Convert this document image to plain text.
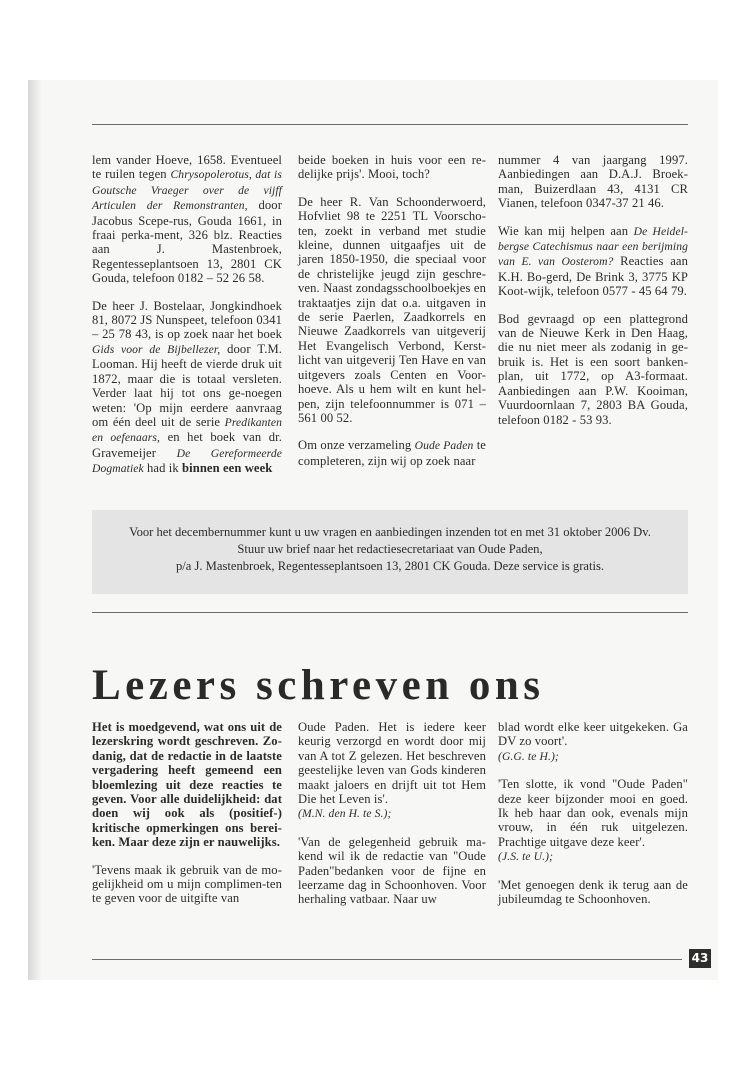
lem vander Hoeve, 1658. Eventueel te ruilen tegen Chrysopolerotus, dat is Goutsche Vraeger over de vijff Articulen der Remonstranten, door Jacobus Scepe-rus, Gouda 1661, in fraai perka-ment, 326 blz. Reacties aan J. Mastenbroek, Regentesseplantsoen 13, 2801 CK Gouda, telefoon 0182 – 52 26 58.

De heer J. Bostelaar, Jongkindhoek 81, 8072 JS Nunspeet, telefoon 0341 – 25 78 43, is op zoek naar het boek Gids voor de Bijbellezer, door T.M. Looman. Hij heeft de vierde druk uit 1872, maar die is totaal versleten. Verder laat hij tot ons ge-noegen weten: 'Op mijn eerdere aanvraag om één deel uit de serie Predikanten en oefenaars, en het boek van dr. Gravemeijer De Gereformeerde Dogmatiek had ik binnen een week

beide boeken in huis voor een re-delijke prijs'. Mooi, toch?

De heer R. Van Schoonderwoerd, Hofvliet 98 te 2251 TL Voorscho-ten, zoekt in verband met studie kleine, dunnen uitgaafjes uit de jaren 1850-1950, die speciaal voor de christelijke jeugd zijn geschre-ven. Naast zondagsschoolboekjes en traktaatjes zijn dat o.a. uitgaven in de serie Paerlen, Zaadkorrels en Nieuwe Zaadkorrels van uitgeverij Het Evangelisch Verbond, Kerst-licht van uitgeverij Ten Have en van uitgevers zoals Centen en Voor-hoeve. Als u hem wilt en kunt hel-pen, zijn telefoonnummer is 071 – 561 00 52.

Om onze verzameling Oude Paden te completeren, zijn wij op zoek naar

nummer 4 van jaargang 1997. Aanbiedingen aan D.A.J. Broek-man, Buizerdlaan 43, 4131 CR Vianen, telefoon 0347-37 21 46.

Wie kan mij helpen aan De Heidel-bergse Catechismus naar een berijming van E. van Oosterom? Reacties aan K.H. Bo-gerd, De Brink 3, 3775 KP Koot-wijk, telefoon 0577 - 45 64 79.

Bod gevraagd op een plattegrond van de Nieuwe Kerk in Den Haag, die nu niet meer als zodanig in ge-bruik is. Het is een soort banken-plan, uit 1772, op A3-formaat. Aanbiedingen aan P.W. Kooiman, Vuurdoornlaan 7, 2803 BA Gouda, telefoon 0182 - 53 93.

Voor het decembernummer kunt u uw vragen en aanbiedingen inzenden tot en met 31 oktober 2006 Dv.
Stuur uw brief naar het redactiesecretariaat van Oude Paden,
p/a J. Mastenbroek, Regentesseplantsoen 13, 2801 CK Gouda. Deze service is gratis.
Lezers schreven ons

Het is moedgevend, wat ons uit de lezerskring wordt geschreven. Zo-danig, dat de redactie in de laatste vergadering heeft gemeend een bloemlezing uit deze reacties te geven. Voor alle duidelijkheid: dat doen wij ook als (positief-) kritische opmerkingen ons berei-ken. Maar deze zijn er nauwelijks.

'Tevens maak ik gebruik van de mo-gelijkheid om u mijn complimen-ten te geven voor de uitgifte van

Oude Paden. Het is iedere keer keurig verzorgd en wordt door mij van A tot Z gelezen. Het beschreven geestelijke leven van Gods kinderen maakt jaloers en drijft uit tot Hem Die het Leven is'.
(M.N. den H. te S.);

'Van de gelegenheid gebruik ma-kend wil ik de redactie van "Oude Paden"bedanken voor de fijne en leerzame dag in Schoonhoven. Voor herhaling vatbaar. Naar uw

blad wordt elke keer uitgekeken. Ga DV zo voort'.
(G.G. te H.);

'Ten slotte, ik vond "Oude Paden" deze keer bijzonder mooi en goed. Ik heb haar dan ook, evenals mijn vrouw, in één ruk uitgelezen. Prachtige uitgave deze keer'.
(J.S. te U.);

'Met genoegen denk ik terug aan de jubileumdag te Schoonhoven.

43
